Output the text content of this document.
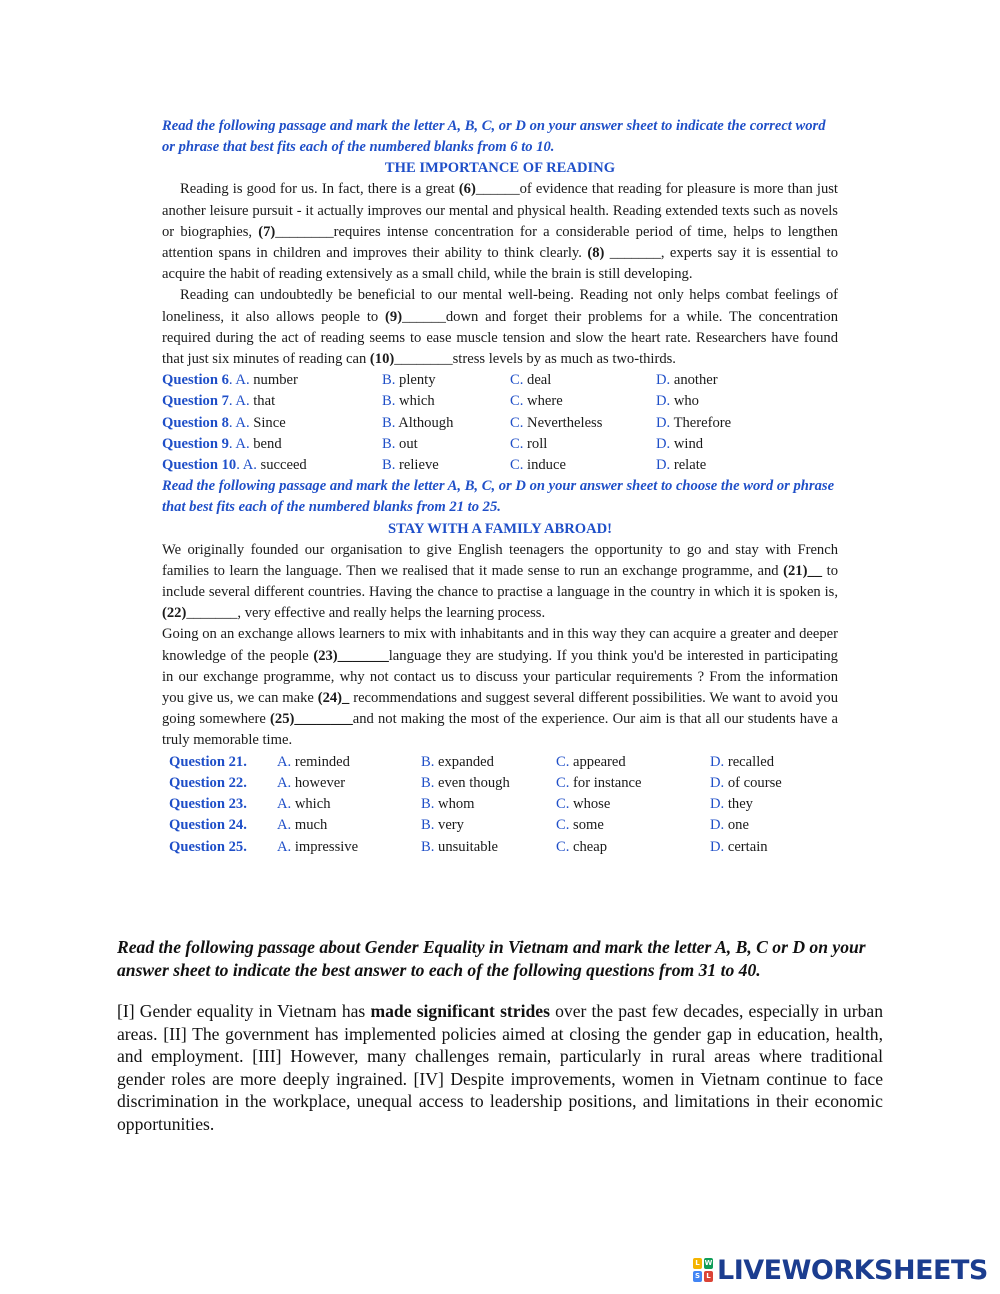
Read the following passage and mark the letter A, B, C, or D on your answer sheet to indicate the correct word or phrase that best fits each of the numbered blanks from 6 to 10.

THE IMPORTANCE OF READING

Reading is good for us. In fact, there is a great (6)______of evidence that reading for pleasure is more than just another leisure pursuit - it actually improves our mental and physical health. Reading extended texts such as novels or biographies, (7)________requires intense concentration for a considerable period of time, helps to lengthen attention spans in children and improves their ability to think clearly. (8) _______, experts say it is essential to acquire the habit of reading extensively as a small child, while the brain is still developing.

Reading can undoubtedly be beneficial to our mental well-being. Reading not only helps combat feelings of loneliness, it also allows people to (9)______down and forget their problems for a while. The concentration required during the act of reading seems to ease muscle tension and slow the heart rate. Researchers have found that just six minutes of reading can (10)________stress levels by as much as two-thirds.

Question 6. A. number	B. plenty	C. deal	D. another
Question 7. A. that	B. which	C. where	D. who
Question 8. A. Since	B. Although	C. Nevertheless	D. Therefore
Question 9. A. bend	B. out	C. roll	D. wind
Question 10. A. succeed	B. relieve	C. induce	D. relate

Read the following passage and mark the letter A, B, C, or D on your answer sheet to choose the word or phrase that best fits each of the numbered blanks from 21 to 25.

STAY WITH A FAMILY ABROAD!

We originally founded our organisation to give English teenagers the opportunity to go and stay with French families to learn the language. Then we realised that it made sense to run an exchange programme, and (21)__ to include several different countries. Having the chance to practise a language in the country in which it is spoken is, (22)_______, very effective and really helps the learning process.

Going on an exchange allows learners to mix with inhabitants and in this way they can acquire a greater and deeper knowledge of the people (23)_______language they are studying. If you think you'd be interested in participating in our exchange programme, why not contact us to discuss your particular requirements ? From the information you give us, we can make (24)_ recommendations and suggest several different possibilities. We want to avoid you going somewhere (25)________and not making the most of the experience. Our aim is that all our students have a truly memorable time.

Question 21.	A. reminded	B. expanded	C. appeared	D. recalled
Question 22.	A. however	B. even though	C. for instance	D. of course
Question 23.	A. which	B. whom	C. whose	D. they
Question 24.	A. much	B. very	C. some	D. one
Question 25.	A. impressive	B. unsuitable	C. cheap	D. certain

Read the following passage about Gender Equality in Vietnam and mark the letter A, B, C or D on your answer sheet to indicate the best answer to each of the following questions from 31 to 40.

[I] Gender equality in Vietnam has made significant strides over the past few decades, especially in urban areas. [II] The government has implemented policies aimed at closing the gender gap in education, health, and employment. [III] However, many challenges remain, particularly in rural areas where traditional gender roles are more deeply ingrained. [IV] Despite improvements, women in Vietnam continue to face discrimination in the workplace, unequal access to leadership positions, and limitations in their economic opportunities.

L W
S L LIVEWORKSHEETS
